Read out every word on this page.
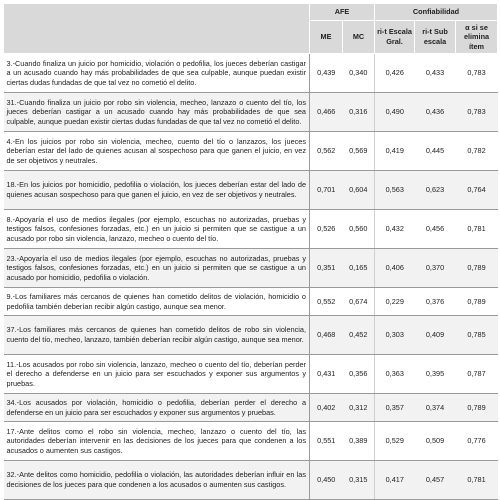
	AFE		Confiabilidad		
	ME	MC	ri-t Escala Gral.	ri-t Sub escala	α si se elimina ítem
3.-Cuando finaliza un juicio por homicidio, violación o pedofilia, los jueces deberían castigar a un acusado cuando hay más probabilidades de que sea culpable, aunque puedan existir ciertas dudas fundadas de que tal vez no cometió el delito.	0,439	0,340	0,426	0,433	0,783
31.-Cuando finaliza un juicio por robo sin violencia, mecheo, lanzazo o cuento del tío, los jueces deberían castigar a un acusado cuando hay más probabilidades de que sea culpable, aunque puedan existir ciertas dudas fundadas de que tal vez no cometió el delito.	0,466	0,316	0,490	0,436	0,783
4.-En los juicios por robo sin violencia, mecheo, cuento del tío o lanzazos, los jueces deberían estar del lado de quienes acusan al sospechoso para que ganen el juicio, en vez de ser objetivos y neutrales.	0,562	0,569	0,419	0,445	0,782
18.-En los juicios por homicidio, pedofilia o violación, los jueces deberían estar del lado de quienes acusan sospechoso para que ganen el juicio, en vez de ser objetivos y neutrales.	0,701	0,604	0,563	0,623	0,764
8.-Apoyaría el uso de medios ilegales (por ejemplo, escuchas no autorizadas, pruebas y testigos falsos, confesiones forzadas, etc.) en un juicio si permiten que se castigue a un acusado por robo sin violencia, lanzazo, mecheo o cuento del tío.	0,526	0,560	0,432	0,456	0,781
23.-Apoyaría el uso de medios ilegales (por ejemplo, escuchas no autorizadas, pruebas y testigos falsos, confesiones forzadas, etc.) en un juicio si permiten que se castigue a un acusado por homicidio, pedofilia o violación.	0,351	0,165	0,406	0,370	0,789
9.-Los familiares más cercanos de quienes han cometido delitos de violación, homicidio o pedofilia también deberían recibir algún castigo, aunque sea menor.	0,552	0,674	0,229	0,376	0,789
37.-Los familiares más cercanos de quienes han cometido delitos de robo sin violencia, cuento del tío, mecheo, lanzazo, también deberían recibir algún castigo, aunque sea menor.	0,468	0,452	0,303	0,409	0,785
11.-Los acusados por robo sin violencia, lanzazo, mecheo o cuento del tío, deberían perder el derecho a defenderse en un juicio para ser escuchados y exponer sus argumentos y pruebas.	0,431	0,356	0,363	0,395	0,787
34.-Los acusados por violación, homicidio o pedofilia, deberían perder el derecho a defenderse en un juicio para ser escuchados y exponer sus argumentos y pruebas.	0,402	0,312	0,357	0,374	0,789
17.-Ante delitos como el robo sin violencia, mecheo, lanzazo o cuento del tío, las autoridades deberían intervenir en las decisiones de los jueces para que condenen a los acusados o aumenten sus castigos.	0,551	0,389	0,529	0,509	0,776
32.-Ante delitos como homicidio, pedofilia o violación, las autoridades deberían influir en las decisiones de los jueces para que condenen a los acusados o aumenten sus castigos.	0,450	0,315	0,417	0,457	0,781
